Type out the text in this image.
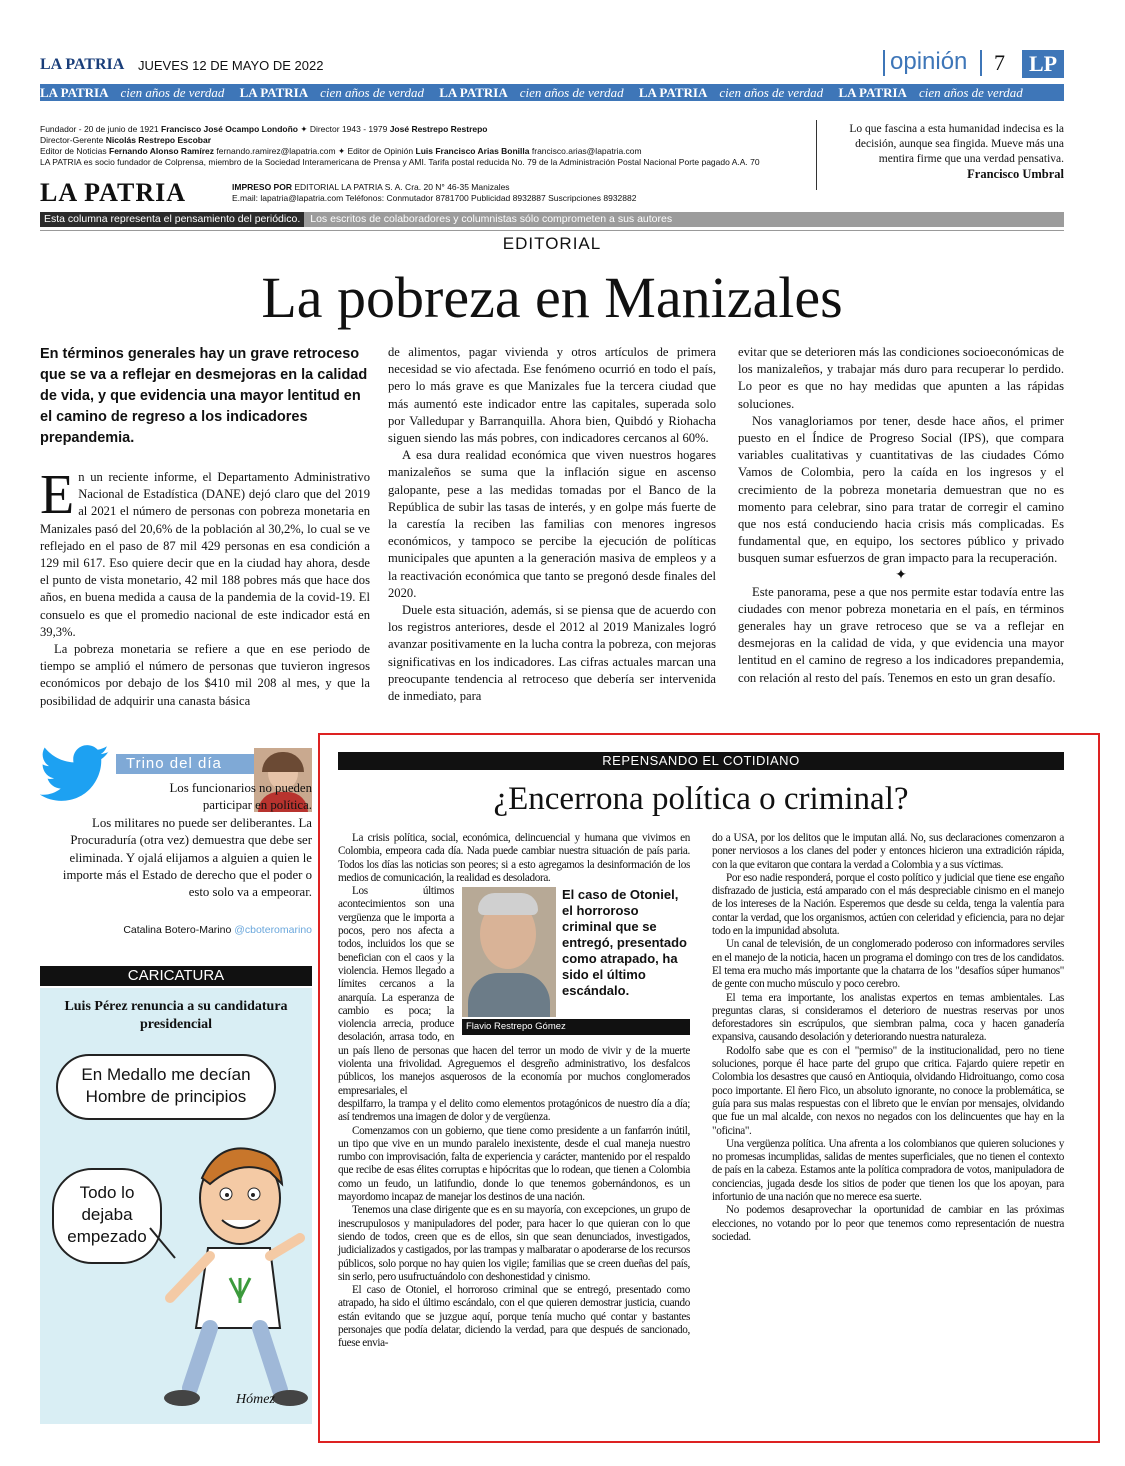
LA PATRIA JUEVES 12 DE MAYO DE 2022	opinión 7	LP
LA PATRIA cien años de verdad LA PATRIA cien años de verdad LA PATRIA cien años de verdad LA PATRIA cien años de verdad LA PATRIA cien años de verdad
Fundador - 20 de junio de 1921 Francisco José Ocampo Londoño ✦ Director 1943 - 1979 José Restrepo Restrepo
Director-Gerente Nicolás Restrepo Escobar
Editor de Noticias Fernando Alonso Ramírez fernando.ramirez@lapatria.com ✦ Editor de Opinión Luis Francisco Arias Bonilla francisco.arias@lapatria.com
LA PATRIA es socio fundador de Colprensa, miembro de la Sociedad Interamericana de Prensa y AMI. Tarifa postal reducida No. 79 de la Administración Postal Nacional Porte pagado A.A. 70
LA PATRIA	IMPRESO POR EDITORIAL LA PATRIA S. A. Cra. 20 N° 46-35 Manizales
E.mail: lapatria@lapatria.com Teléfonos: Conmutador 8781700 Publicidad 8932887 Suscripciones 8932882
Lo que fascina a esta humanidad indecisa es la decisión, aunque sea fingida. Mueve más una mentira firme que una verdad pensativa.
Francisco Umbral
Esta columna representa el pensamiento del periódico. Los escritos de colaboradores y columnistas sólo comprometen a sus autores
EDITORIAL
La pobreza en Manizales

En términos generales hay un grave retroceso que se va a reflejar en desmejoras en la calidad de vida, y que evidencia una mayor lentitud en el camino de regreso a los indicadores prepandemia.

En un reciente informe, el Departamento Administrativo Nacional de Estadística (DANE) dejó claro que del 2019 al 2021 el número de personas con pobreza monetaria en Manizales pasó del 20,6% de la población al 30,2%, lo cual se ve reflejado en el paso de 87 mil 429 personas en esa condición a 129 mil 617. Eso quiere decir que en la ciudad hay ahora, desde el punto de vista monetario, 42 mil 188 pobres más que hace dos años, en buena medida a causa de la pandemia de la covid-19. El consuelo es que el promedio nacional de este indicador está en 39,3%.

La pobreza monetaria se refiere a que en ese periodo de tiempo se amplió el número de personas que tuvieron ingresos económicos por debajo de los $410 mil 208 al mes, y que la posibilidad de adquirir una canasta básica

de alimentos, pagar vivienda y otros artículos de primera necesidad se vio afectada. Ese fenómeno ocurrió en todo el país, pero lo más grave es que Manizales fue la tercera ciudad que más aumentó este indicador entre las capitales, superada solo por Valledupar y Barranquilla. Ahora bien, Quibdó y Riohacha siguen siendo las más pobres, con indicadores cercanos al 60%.

A esa dura realidad económica que viven nuestros hogares manizaleños se suma que la inflación sigue en ascenso galopante, pese a las medidas tomadas por el Banco de la República de subir las tasas de interés, y en golpe más fuerte de la carestía la reciben las familias con menores ingresos económicos, y tampoco se percibe la ejecución de políticas municipales que apunten a la generación masiva de empleos y a la reactivación económica que tanto se pregonó desde finales del 2020.

Duele esta situación, además, si se piensa que de acuerdo con los registros anteriores, desde el 2012 al 2019 Manizales logró avanzar positivamente en la lucha contra la pobreza, con mejoras significativas en los indicadores. Las cifras actuales marcan una preocupante tendencia al retroceso que debería ser intervenida de inmediato, para

evitar que se deterioren más las condiciones socioeconómicas de los manizaleños, y trabajar más duro para recuperar lo perdido. Lo peor es que no hay medidas que apunten a las rápidas soluciones.

Nos vanagloriamos por tener, desde hace años, el primer puesto en el Índice de Progreso Social (IPS), que compara variables cualitativas y cuantitativas de las ciudades Cómo Vamos de Colombia, pero la caída en los ingresos y el crecimiento de la pobreza monetaria demuestran que no es momento para celebrar, sino para tratar de corregir el camino que nos está conduciendo hacia crisis más complicadas. Es fundamental que, en equipo, los sectores público y privado busquen sumar esfuerzos de gran impacto para la recuperación.

✦

Este panorama, pese a que nos permite estar todavía entre las ciudades con menor pobreza monetaria en el país, en términos generales hay un grave retroceso que se va a reflejar en desmejoras en la calidad de vida, y que evidencia una mayor lentitud en el camino de regreso a los indicadores prepandemia, con relación al resto del país. Tenemos en esto un gran desafío.

Trino del día
Los funcionarios no pueden participar en política.
Los militares no puede ser deliberantes. La Procuraduría (otra vez) demuestra que debe ser eliminada. Y ojalá elijamos a alguien a quien le importe más el Estado de derecho que el poder o esto solo va a empeorar.
Catalina Botero-Marino @cboteromarino
CARICATURA
Luis Pérez renuncia a su candidatura presidencial
En Medallo me decían Hombre de principios
Todo lo dejaba empezado
Hómez
REPENSANDO EL COTIDIANO
¿Encerrona política o criminal?

La crisis política, social, económica, delincuencial y humana que vivimos en Colombia, empeora cada día. Nada puede cambiar nuestra situación de país paria. Todos los días las noticias son peores; si a esto agregamos la desinformación de los medios de comunicación, la realidad es desoladora.

El caso de Otoniel, el horroroso criminal que se entregó, presentado como atrapado, ha sido el último escándalo.
Flavio Restrepo Gómez

Los últimos acontecimientos son una vergüenza que le importa a pocos, pero nos afecta a todos, incluidos los que se benefician con el caos y la violencia. Hemos llegado a límites cercanos a la anarquía. La esperanza de cambio es poca; la violencia arrecia, produce desolación, arrasa todo, en un país lleno de personas que hacen del terror un modo de vivir y de la muerte violenta una frivolidad. Agreguemos el desgreño administrativo, los desfalcos públicos, los manejos asquerosos de la economía por muchos conglomerados empresariales, el

despilfarro, la trampa y el delito como elementos protagónicos de nuestro día a día; así tendremos una imagen de dolor y de vergüenza.

Comenzamos con un gobierno, que tiene como presidente a un fanfarrón inútil, un tipo que vive en un mundo paralelo inexistente, desde el cual maneja nuestro rumbo con improvisación, falta de experiencia y carácter, mantenido por el respaldo que recibe de esas élites corruptas e hipócritas que lo rodean, que tienen a Colombia como un feudo, un latifundio, donde lo que tenemos gobernándonos, es un mayordomo incapaz de manejar los destinos de una nación.

Tenemos una clase dirigente que es en su mayoría, con excepciones, un grupo de inescrupulosos y manipuladores del poder, para hacer lo que quieran con lo que siendo de todos, creen que es de ellos, sin que sean denunciados, investigados, judicializados y castigados, por las trampas y malbaratar o apoderarse de los recursos públicos, solo porque no hay quien los vigile; familias que se creen dueñas del país, sin serlo, pero usufructuándolo con deshonestidad y cinismo.

El caso de Otoniel, el horroroso criminal que se entregó, presentado como atrapado, ha sido el último escándalo, con el que quieren demostrar justicia, cuando están evitando que se juzgue aquí, porque tenía mucho qué contar y bastantes personajes que podía delatar, diciendo la verdad, para que después de sancionado, fuese envia-

do a USA, por los delitos que le imputan allá. No, sus declaraciones comenzaron a poner nerviosos a los clanes del poder y entonces hicieron una extradición rápida, con la que evitaron que contara la verdad a Colombia y a sus víctimas.

Por eso nadie responderá, porque el costo político y judicial que tiene ese engaño disfrazado de justicia, está amparado con el más despreciable cinismo en el manejo de los intereses de la Nación. Esperemos que desde su celda, tenga la valentía para contar la verdad, que los organismos, actúen con celeridad y eficiencia, para no dejar todo en la impunidad absoluta.

Un canal de televisión, de un conglomerado poderoso con informadores serviles en el manejo de la noticia, hacen un programa el domingo con tres de los candidatos. El tema era mucho más importante que la chatarra de los "desafíos súper humanos" de gente con mucho músculo y poco cerebro.

El tema era importante, los analistas expertos en temas ambientales. Las preguntas claras, si consideramos el deterioro de nuestras reservas por unos deforestadores sin escrúpulos, que siembran palma, coca y hacen ganadería expansiva, causando desolación y deteriorando nuestra naturaleza.

Rodolfo sabe que es con el "permiso" de la institucionalidad, pero no tiene soluciones, porque él hace parte del grupo que critica. Fajardo quiere repetir en Colombia los desastres que causó en Antioquia, olvidando Hidroituango, como cosa poco importante. El ñero Fico, un absoluto ignorante, no conoce la problemática, se guía para sus malas respuestas con el libreto que le envían por mensajes, olvidando que fue un mal alcalde, con nexos no negados con los delincuentes que hay en la "oficina".

Una vergüenza política. Una afrenta a los colombianos que quieren soluciones y no promesas incumplidas, salidas de mentes superficiales, que no tienen el contexto de país en la cabeza. Estamos ante la política compradora de votos, manipuladora de conciencias, jugada desde los sitios de poder que tienen los que los apoyan, para infortunio de una nación que no merece esa suerte.

No podemos desaprovechar la oportunidad de cambiar en las próximas elecciones, no votando por lo peor que tenemos como representación de nuestra sociedad.
